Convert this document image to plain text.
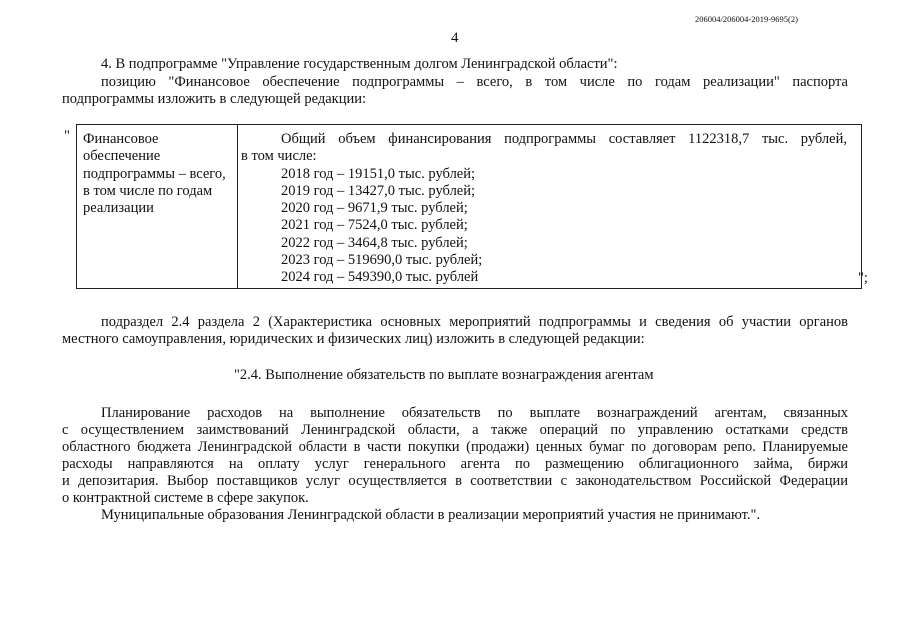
206004/206004-2019-9695(2)
4
4. В подпрограмме "Управление государственным долгом Ленинградской области":
позицию "Финансовое обеспечение подпрограммы – всего, в том числе по годам реализации" паспорта
подпрограммы изложить в следующей редакции:
" Финансовое
обеспечение
подпрограммы – всего,
в том числе по годам
реализации
Общий объем финансирования подпрограммы составляет 1122318,7 тыс. рублей,
в том числе:
2018 год – 19151,0 тыс. рублей;
2019 год – 13427,0 тыс. рублей;
2020 год – 9671,9 тыс. рублей;
2021 год – 7524,0 тыс. рублей;
2022 год – 3464,8 тыс. рублей;
2023 год – 519690,0 тыс. рублей;
2024 год – 549390,0 тыс. рублей	";
подраздел 2.4 раздела 2 (Характеристика основных мероприятий подпрограммы и сведения об участии органов
местного самоуправления, юридических и физических лиц) изложить в следующей редакции:
"2.4. Выполнение обязательств по выплате вознаграждения агентам
Планирование расходов на выполнение обязательств по выплате вознаграждений агентам, связанных
с осуществлением заимствований Ленинградской области, а также операций по управлению остатками средств
областного бюджета Ленинградской области в части покупки (продажи) ценных бумаг по договорам репо. Планируемые
расходы направляются на оплату услуг генерального агента по размещению облигационного займа, биржи
и депозитария. Выбор поставщиков услуг осуществляется в соответствии с законодательством Российской Федерации
о контрактной системе в сфере закупок.
Муниципальные образования Ленинградской области в реализации мероприятий участия не принимают.".
